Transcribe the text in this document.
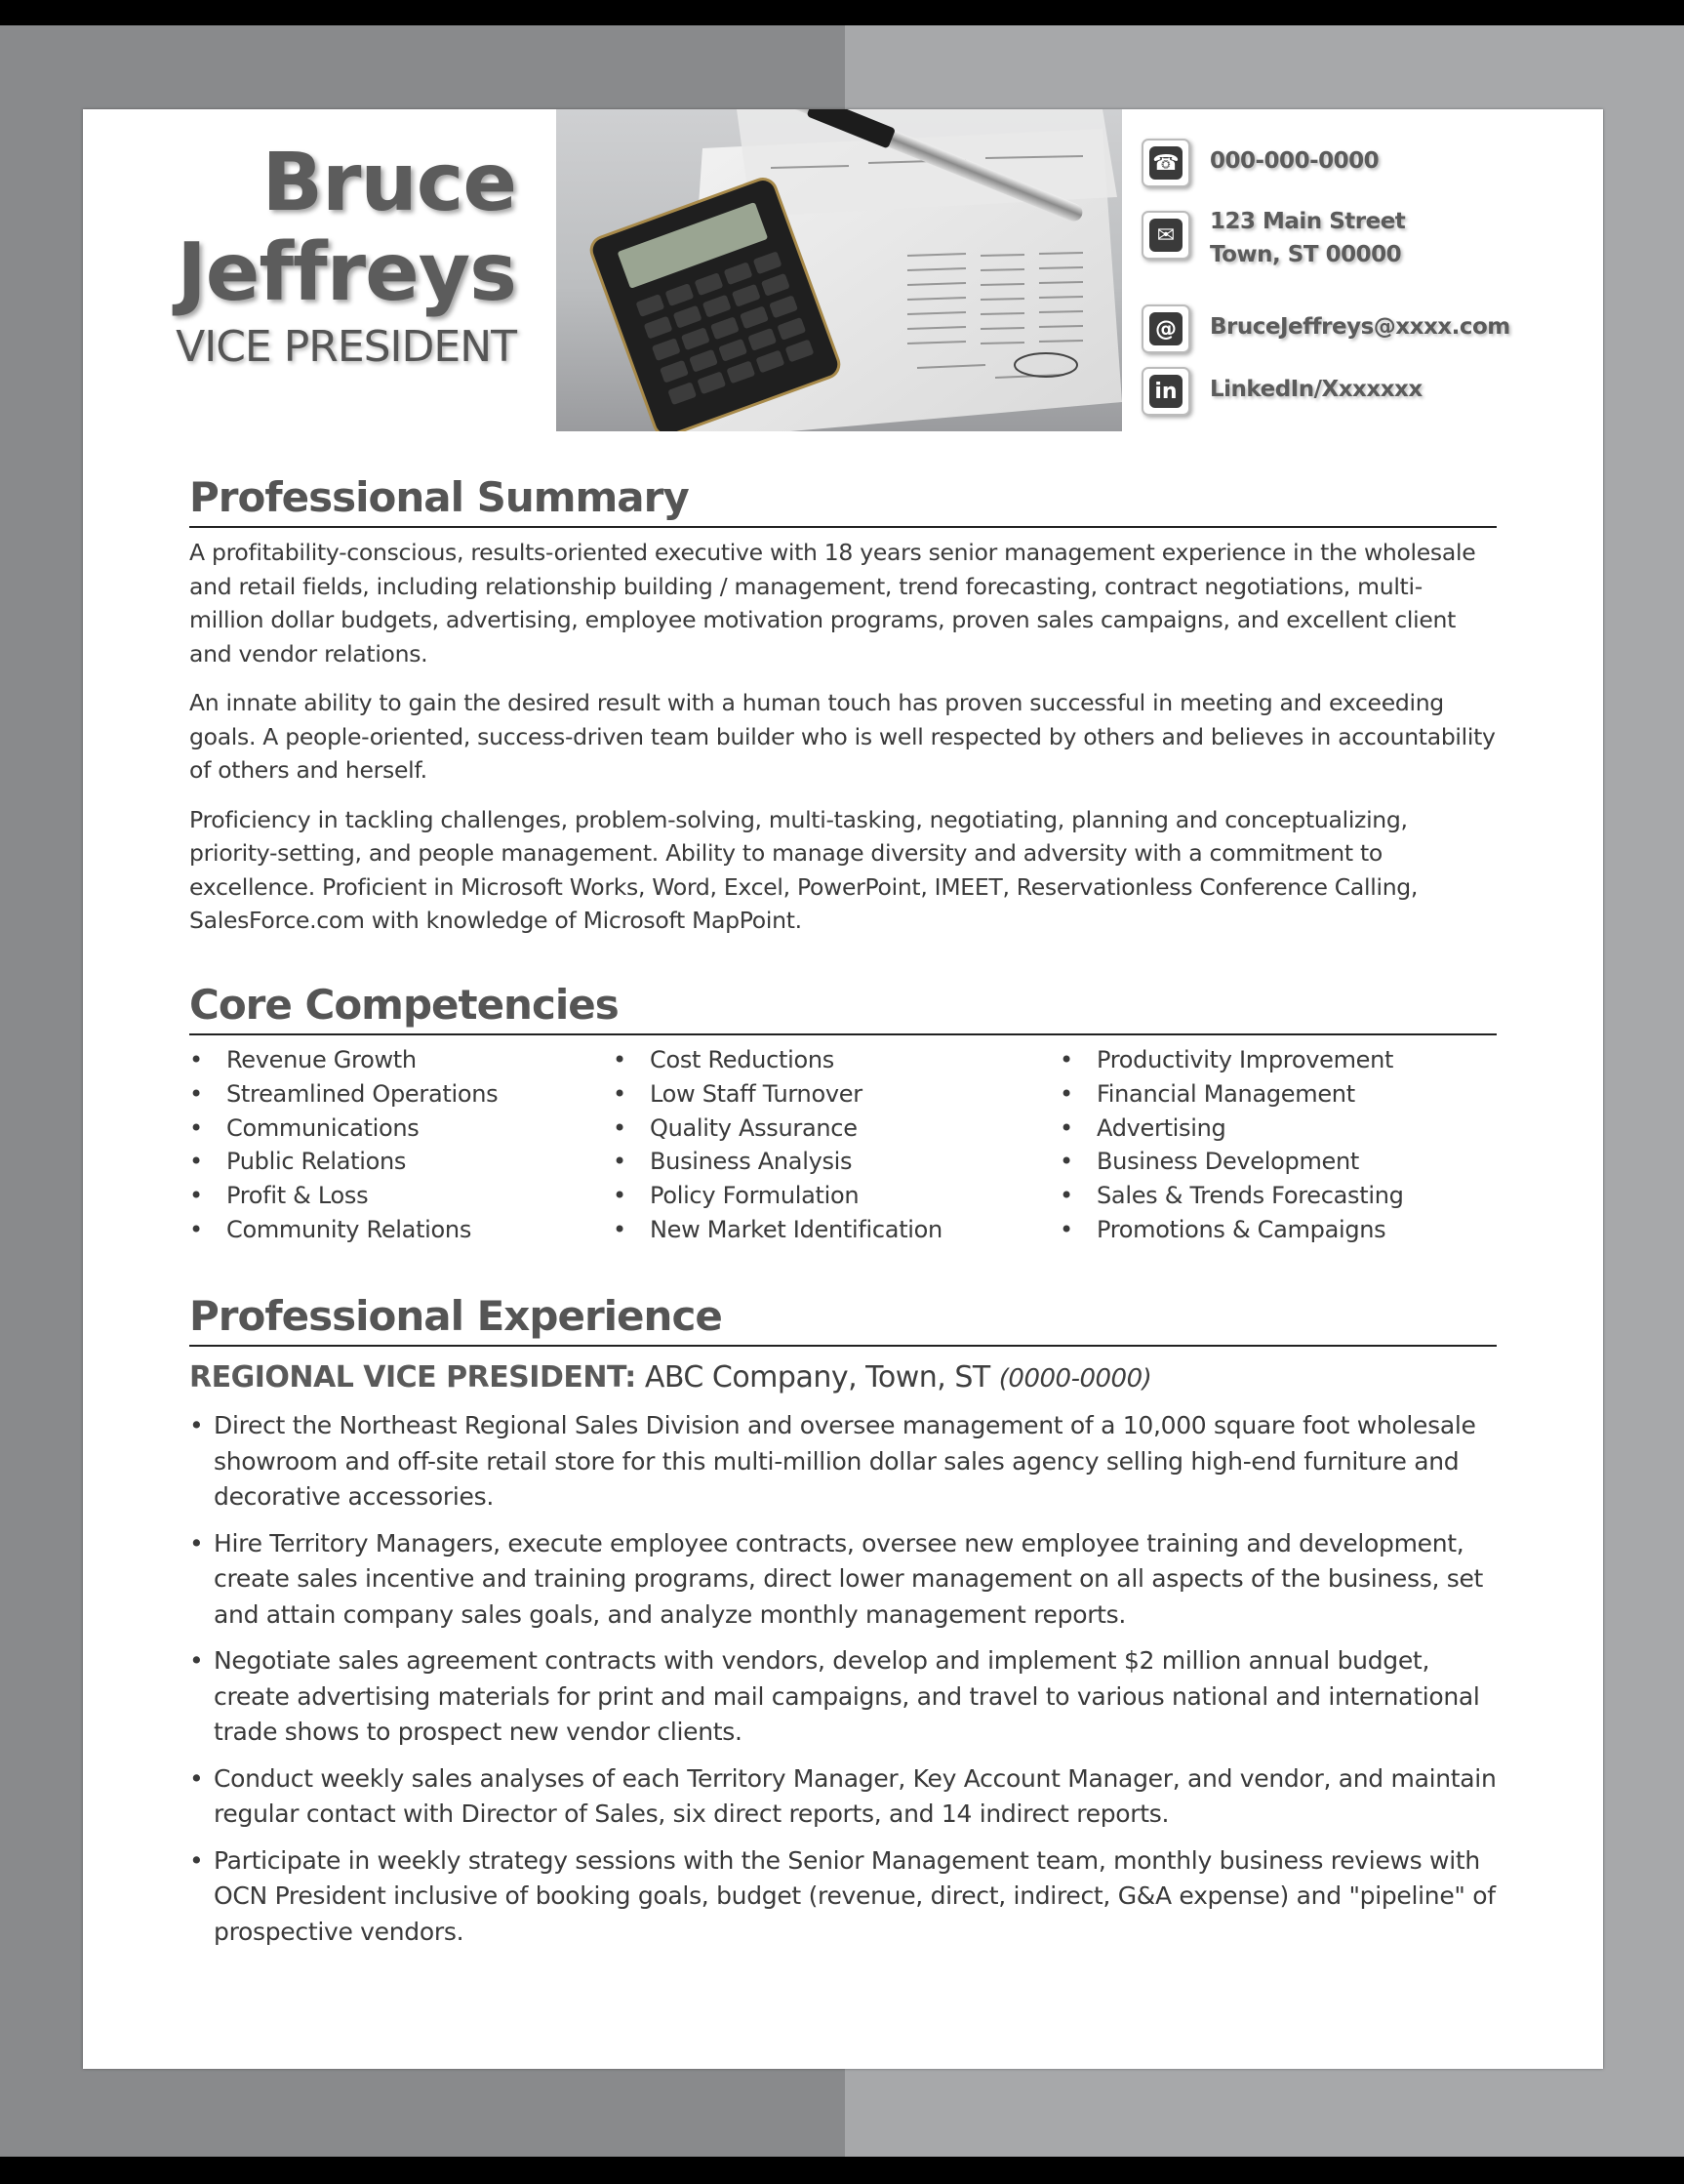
Bruce
Jeffreys
VICE PRESIDENT
☎ 000-000-0000
✉
123 Main Street
Town, ST 00000
@ BruceJeffreys@xxxx.com
in LinkedIn/Xxxxxxx
Professional Summary

A profitability-conscious, results-oriented executive with 18 years senior management experience in the wholesale and retail fields, including relationship building / management, trend forecasting, contract negotiations, multi-million dollar budgets, advertising, employee motivation programs, proven sales campaigns, and excellent client and vendor relations.

An innate ability to gain the desired result with a human touch has proven successful in meeting and exceeding goals. A people-oriented, success-driven team builder who is well respected by others and believes in accountability of others and herself.

Proficiency in tackling challenges, problem-solving, multi-tasking, negotiating, planning and conceptualizing, priority-setting, and people management. Ability to manage diversity and adversity with a commitment to excellence. Proficient in Microsoft Works, Word, Excel, PowerPoint, IMEET, Reservationless Conference Calling, SalesForce.com with knowledge of Microsoft MapPoint.

Core Competencies
• Revenue Growth
• Streamlined Operations
• Communications
• Public Relations
• Profit & Loss
• Community Relations
• Cost Reductions
• Low Staff Turnover
• Quality Assurance
• Business Analysis
• Policy Formulation
• New Market Identification
• Productivity Improvement
• Financial Management
• Advertising
• Business Development
• Sales & Trends Forecasting
• Promotions & Campaigns
Professional Experience
REGIONAL VICE PRESIDENT: ABC Company, Town, ST (0000-0000)
• Direct the Northeast Regional Sales Division and oversee management of a 10,000 square foot wholesale showroom and off-site retail store for this multi-million dollar sales agency selling high-end furniture and decorative accessories.
• Hire Territory Managers, execute employee contracts, oversee new employee training and development, create sales incentive and training programs, direct lower management on all aspects of the business, set and attain company sales goals, and analyze monthly management reports.
• Negotiate sales agreement contracts with vendors, develop and implement $2 million annual budget, create advertising materials for print and mail campaigns, and travel to various national and international trade shows to prospect new vendor clients.
• Conduct weekly sales analyses of each Territory Manager, Key Account Manager, and vendor, and maintain regular contact with Director of Sales, six direct reports, and 14 indirect reports.
• Participate in weekly strategy sessions with the Senior Management team, monthly business reviews with OCN President inclusive of booking goals, budget (revenue, direct, indirect, G&A expense) and "pipeline" of prospective vendors.
